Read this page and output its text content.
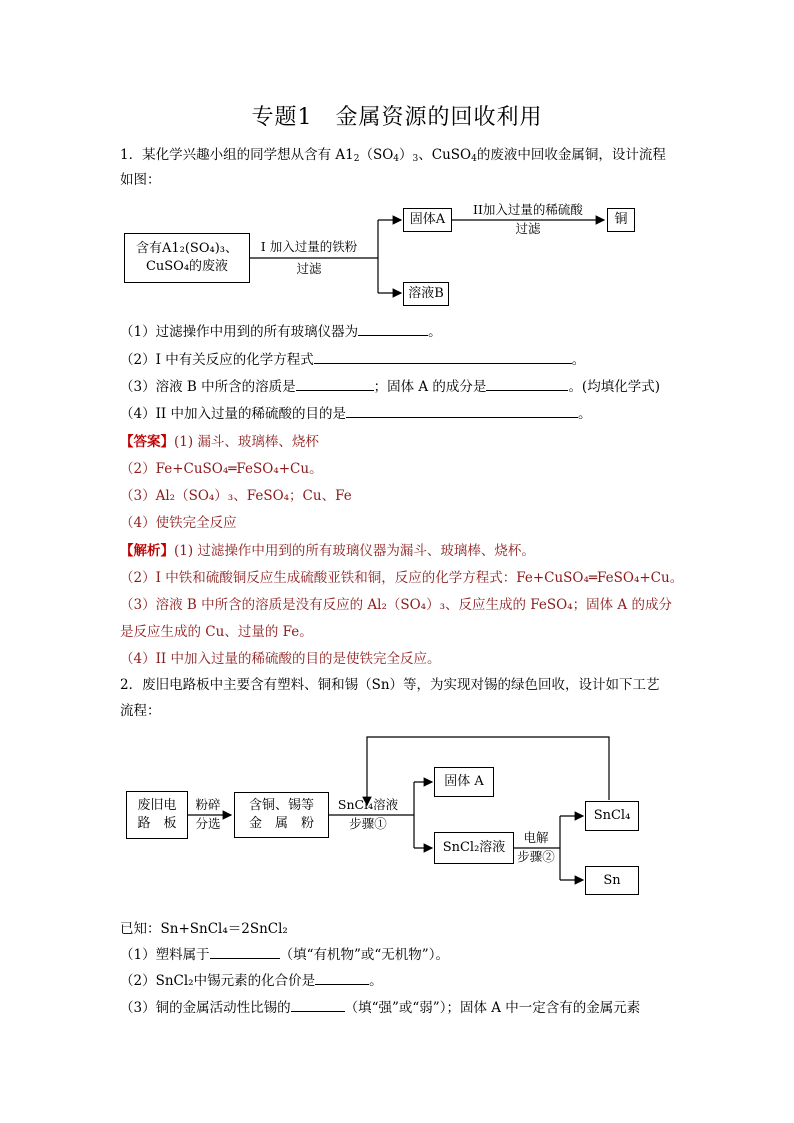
专题1　金属资源的回收利用
1．某化学兴趣小组的同学想从含有 $A1_2(SO_4)_3$、CuSO$_4$的废液中回收金属铜，设计流程
如图：
含有A1₂(SO₄)₃、
CuSO₄的废液
I 加入过量的铁粉
过滤
固体A
II加入过量的稀硫酸
过滤
铜
溶液B
（1）过滤操作中用到的所有玻璃仪器为	。
（2）I 中有关反应的化学方程式	。
（3）溶液 B 中所含的溶质是	；固体 A 的成分是	。(均填化学式)
（4）II 中加入过量的稀硫酸的目的是	。
【答案】(1) 漏斗、玻璃棒、烧杯
（2）Fe+CuSO₄═FeSO₄+Cu。
（3）Al₂（SO₄）₃、FeSO₄；Cu、Fe
（4）使铁完全反应
【解析】(1) 过滤操作中用到的所有玻璃仪器为漏斗、玻璃棒、烧杯。
（2）I 中铁和硫酸铜反应生成硫酸亚铁和铜，反应的化学方程式：Fe+CuSO₄═FeSO₄+Cu。
（3）溶液 B 中所含的溶质是没有反应的 Al₂（SO₄）₃、反应生成的 FeSO₄；固体 A 的成分
是反应生成的 Cu、过量的 Fe。
（4）II 中加入过量的稀硫酸的目的是使铁完全反应。
2．废旧电路板中主要含有塑料、铜和锡（Sn）等，为实现对锡的绿色回收，设计如下工艺
流程：
废旧电
路　板
粉碎
分选
含铜、锡等
金　属　粉
SnCl₄溶液
步骤①
固体 A
SnCl₂溶液
电解
步骤②
SnCl₄
Sn
已知：Sn+SnCl₄＝2SnCl₂
（1）塑料属于	（填“有机物”或“无机物”）。
（2）SnCl₂中锡元素的化合价是	。
（3）铜的金属活动性比锡的	（填“强”或“弱”）；固体 A 中一定含有的金属元素
